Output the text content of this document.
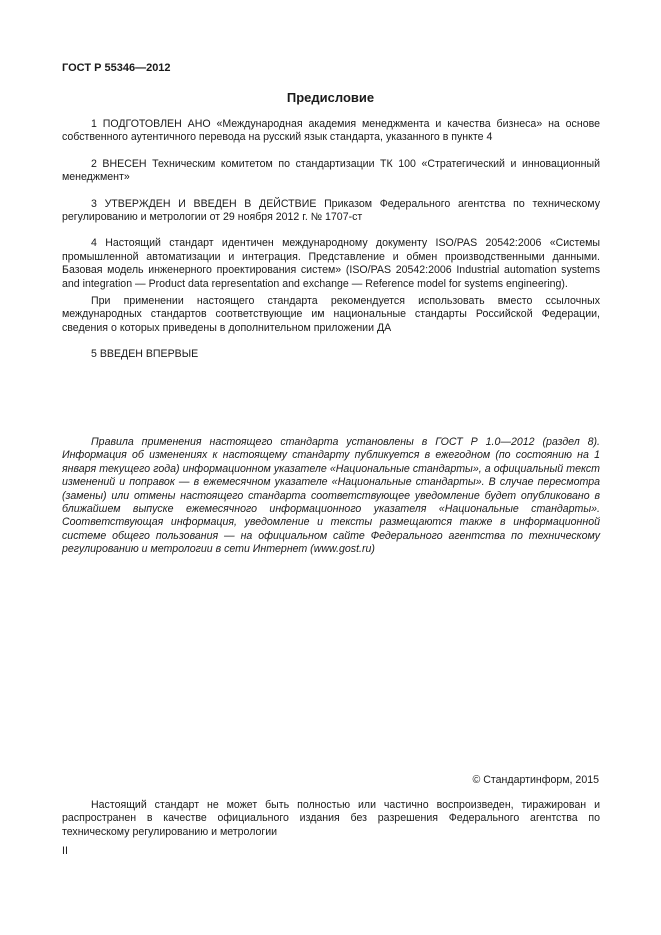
ГОСТ Р 55346—2012
Предисловие

1 ПОДГОТОВЛЕН АНО «Международная академия менеджмента и качества бизнеса» на основе собственного аутентичного перевода на русский язык стандарта, указанного в пункте 4

2 ВНЕСЕН Техническим комитетом по стандартизации ТК 100 «Стратегический и инновационный менеджмент»

3 УТВЕРЖДЕН И ВВЕДЕН В ДЕЙСТВИЕ Приказом Федерального агентства по техническому регулированию и метрологии от 29 ноября 2012 г. № 1707-ст

4 Настоящий стандарт идентичен международному документу ISO/PAS 20542:2006 «Системы промышленной автоматизации и интеграция. Представление и обмен производственными данными. Базовая модель инженерного проектирования систем» (ISO/PAS 20542:2006 Industrial automation systems and integration — Product data representation and exchange — Reference model for systems engineering).

При применении настоящего стандарта рекомендуется использовать вместо ссылочных международных стандартов соответствующие им национальные стандарты Российской Федерации, сведения о которых приведены в дополнительном приложении ДА

5 ВВЕДЕН ВПЕРВЫЕ

Правила применения настоящего стандарта установлены в ГОСТ Р 1.0—2012 (раздел 8). Информация об изменениях к настоящему стандарту публикуется в ежегодном (по состоянию на 1 января текущего года) информационном указателе «Национальные стандарты», а официальный текст изменений и поправок — в ежемесячном указателе «Национальные стандарты». В случае пересмотра (замены) или отмены настоящего стандарта соответствующее уведомление будет опубликовано в ближайшем выпуске ежемесячного информационного указателя «Национальные стандарты». Соответствующая информация, уведомление и тексты размещаются также в информационной системе общего пользования — на официальном сайте Федерального агентства по техническому регулированию и метрологии в сети Интернет (www.gost.ru)

© Стандартинформ, 2015

Настоящий стандарт не может быть полностью или частично воспроизведен, тиражирован и распространен в качестве официального издания без разрешения Федерального агентства по техническому регулированию и метрологии

II
